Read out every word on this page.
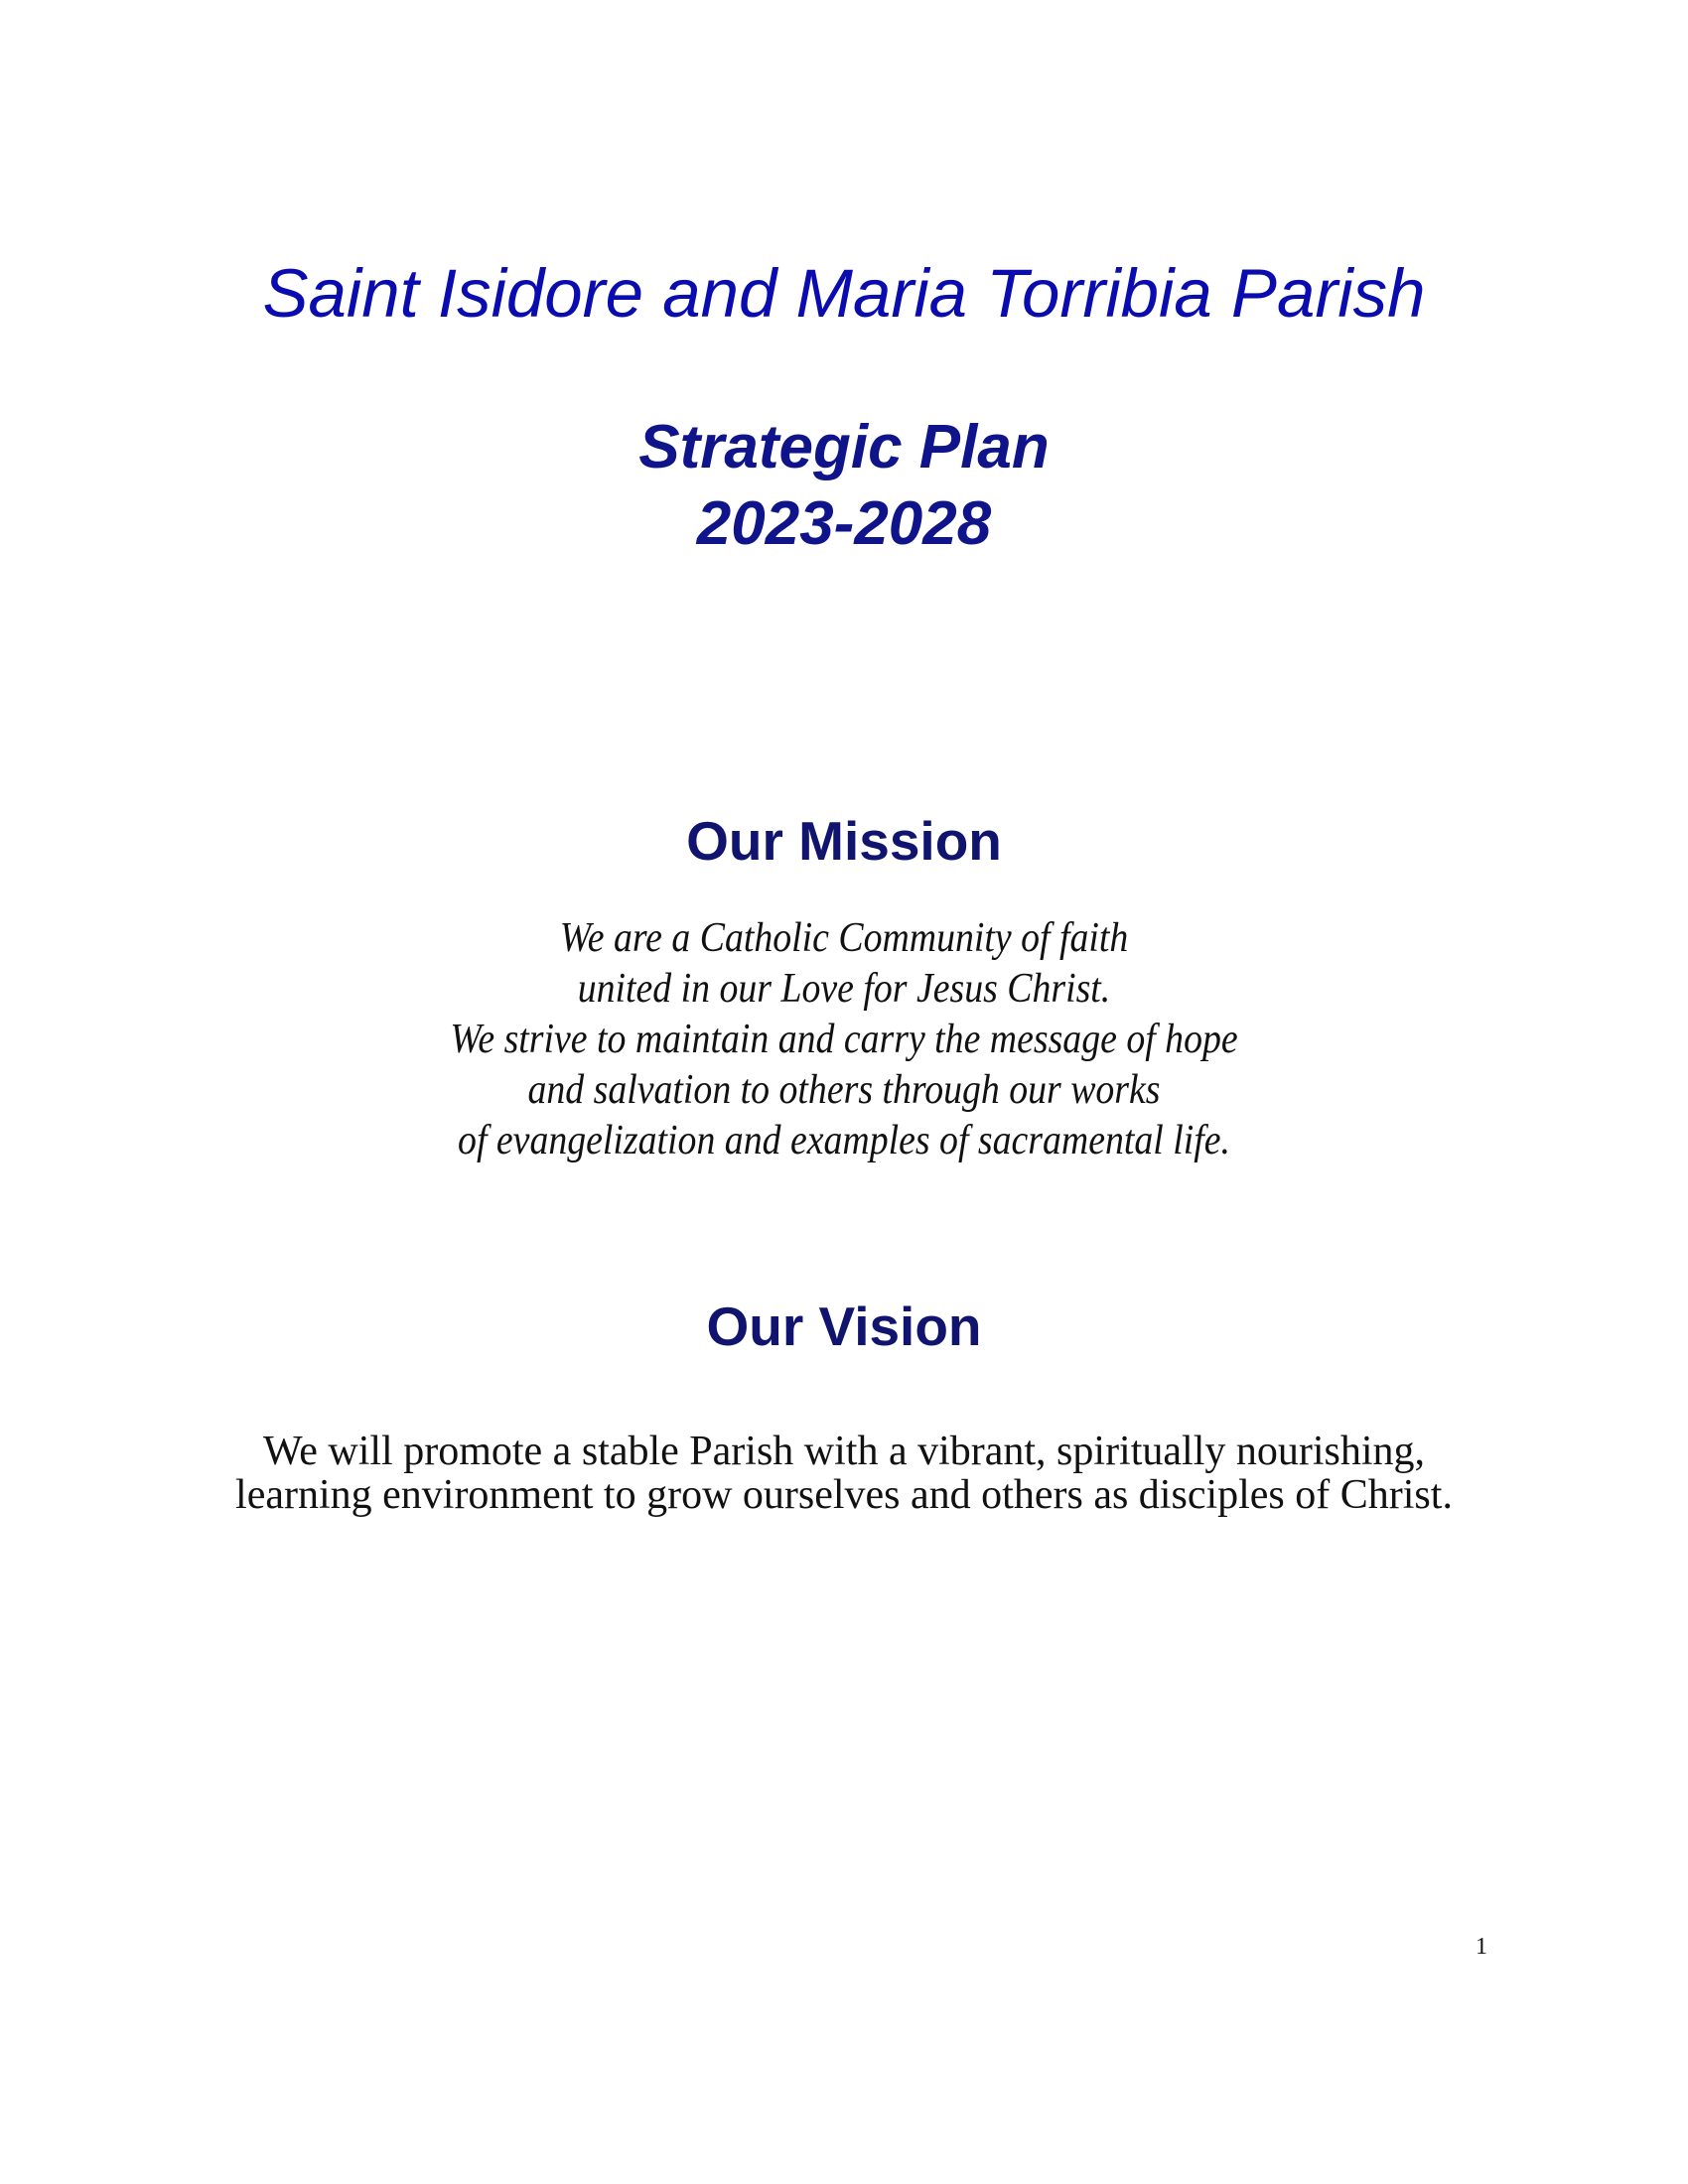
Saint Isidore and Maria Torribia Parish
Strategic Plan
2023-2028
Our Mission
We are a Catholic Community of faith
united in our Love for Jesus Christ.
We strive to maintain and carry the message of hope
and salvation to others through our works
of evangelization and examples of sacramental life.
Our Vision
We will promote a stable Parish with a vibrant, spiritually nourishing,
learning environment to grow ourselves and others as disciples of Christ.
1
